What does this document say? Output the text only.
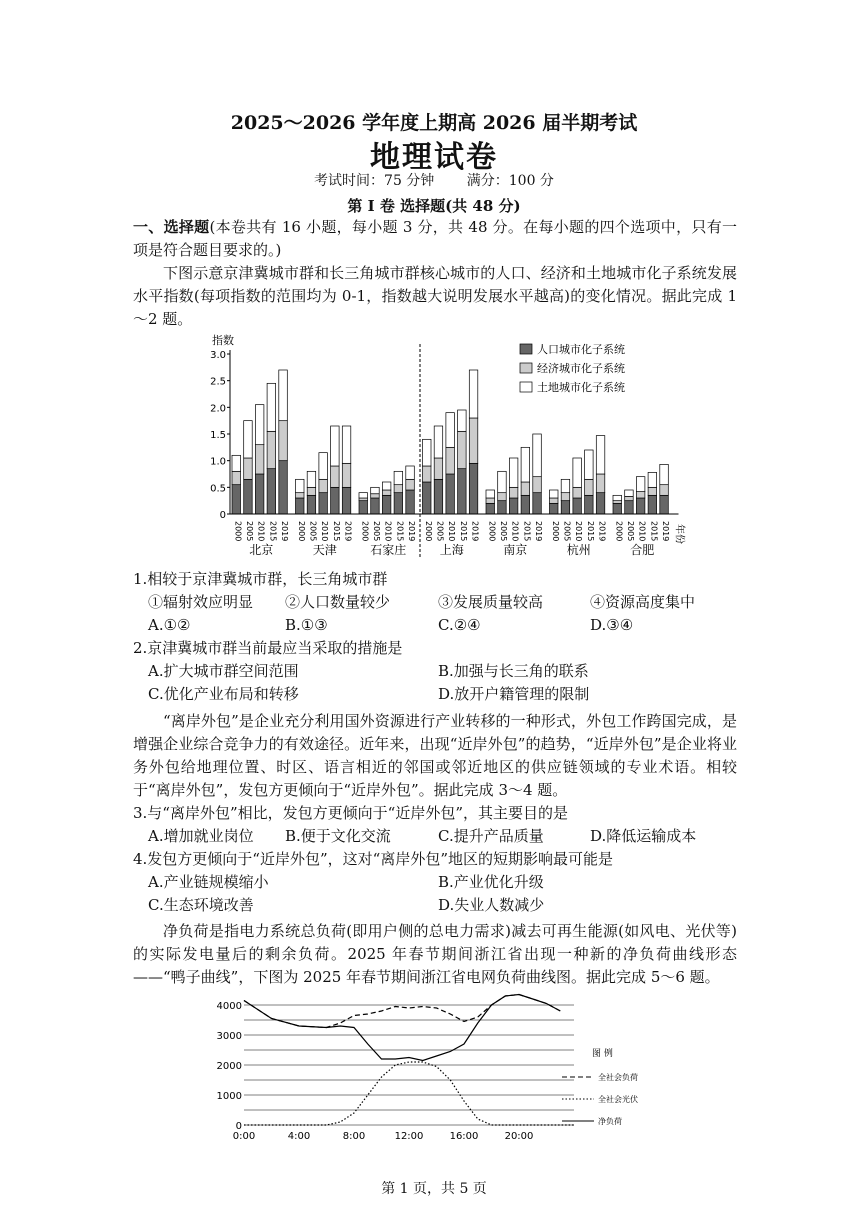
2025～2026 学年度上期高 2026 届半期考试
地理试卷
考试时间：75 分钟 满分：100 分
第 I 卷 选择题(共 48 分)
一、选择题(本卷共有 16 小题，每小题 3 分，共 48 分。在每小题的四个选项中，只有一项是符合题目要求的。)
下图示意京津冀城市群和长三角城市群核心城市的人口、经济和土地城市化子系统发展水平指数(每项指数的范围均为 0-1，指数越大说明发展水平越高)的变化情况。据此完成 1～2 题。
指数
0
0.5
1.0
1.5
2.0
2.5
3.0
2000 2005 2010 2015 2019
北京
2000 2005 2010 2015 2019
天津
2000 2005 2010 2015 2019
石家庄
2000 2005 2010 2015 2019
上海
2000 2005 2010 2015 2019
南京
2000 2005 2010 2015 2019
杭州
2000 2005 2010 2015 2019
合肥
年份
人口城市化子系统
经济城市化子系统
土地城市化子系统
1.相较于京津冀城市群，长三角城市群
①辐射效应明显 ②人口数量较少	③发展质量较高	④资源高度集中
A.①②	B.①③	C.②④	D.③④
2.京津冀城市群当前最应当采取的措施是
A.扩大城市群空间范围	B.加强与长三角的联系
C.优化产业布局和转移	D.放开户籍管理的限制
“离岸外包”是企业充分利用国外资源进行产业转移的一种形式，外包工作跨国完成，是增强企业综合竞争力的有效途径。近年来，出现“近岸外包”的趋势，“近岸外包”是企业将业务外包给地理位置、时区、语言相近的邻国或邻近地区的供应链领域的专业术语。相较于“离岸外包”，发包方更倾向于“近岸外包”。据此完成 3～4 题。
3.与“离岸外包”相比，发包方更倾向于“近岸外包”，其主要目的是
A.增加就业岗位 B.便于文化交流	C.提升产品质量	D.降低运输成本
4.发包方更倾向于“近岸外包”，这对“离岸外包”地区的短期影响最可能是
A.产业链规模缩小	B.产业优化升级
C.生态环境改善	D.失业人数减少
净负荷是指电力系统总负荷(即用户侧的总电力需求)减去可再生能源(如风电、光伏等)的实际发电量后的剩余负荷。2025 年春节期间浙江省出现一种新的净负荷曲线形态——“鸭子曲线”，下图为 2025 年春节期间浙江省电网负荷曲线图。据此完成 5～6 题。
0
1000
2000
3000
4000
0:00	4:00	8:00	12:00	16:00	20:00
全社会负荷
全社会光伏
净负荷
图 例
第 1 页，共 5 页
